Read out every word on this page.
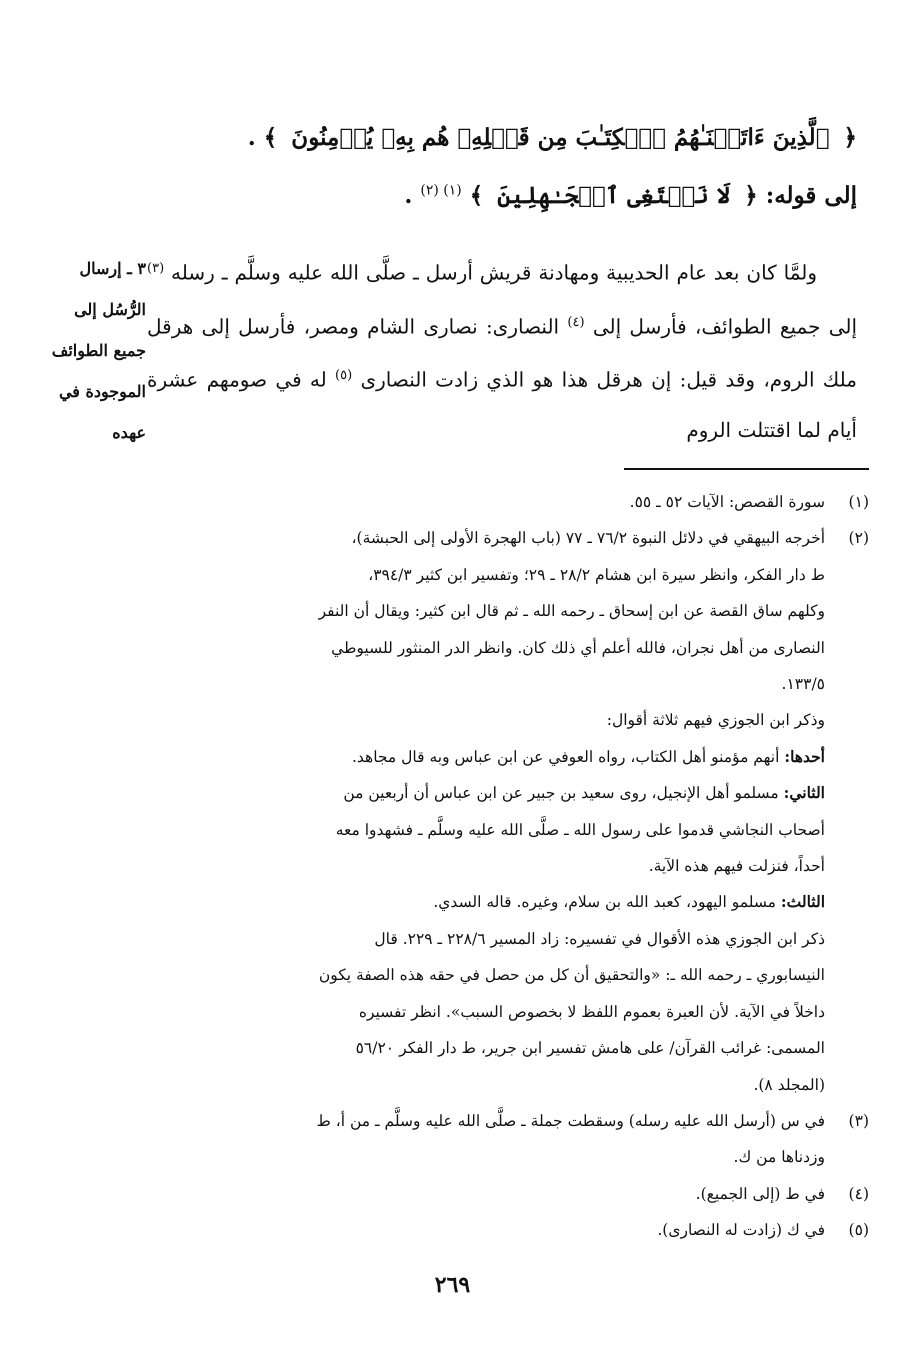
﴿ ٱلَّذِينَ ءَاتَيۡنَـٰهُمُ ٱلۡكِتَـٰبَ مِن قَبۡلِهِۦ هُم بِهِۦ يُؤۡمِنُونَ ﴾ .
إلى قوله: ﴿ لَا نَبۡتَغِى ٱلۡجَـٰهِلِينَ ﴾ $^{(١) (٢)}$ .
٣ ـ إرسال
الرُّسُل إلى
جميع الطوائف
الموجودة في
عهده

ولمَّا كان بعد عام الحديبية ومهادنة قريش أرسل ـ صلَّى الله عليه وسلَّم ـ رسله $^{(٣)}$ إلى جميع الطوائف، فأرسل إلى $^{(٤)}$ النصارى: نصارى الشام ومصر، فأرسل إلى هرقل ملك الروم، وقد قيل: إن هرقل هذا هو الذي زادت النصارى $^{(٥)}$ له في صومهم عشرة أيام لما اقتتلت الروم

(١)
سورة القصص: الآيات ٥٢ ـ ٥٥.
(٢)
أخرجه البيهقي في دلائل النبوة ٧٦/٢ ـ ٧٧ (باب الهجرة الأولى إلى الحبشة)،
ط دار الفكر، وانظر سيرة ابن هشام ٢٨/٢ ـ ٢٩؛ وتفسير ابن كثير ٣٩٤/٣،
وكلهم ساق القصة عن ابن إسحاق ـ رحمه الله ـ ثم قال ابن كثير: ويقال أن النفر
النصارى من أهل نجران، فالله أعلم أي ذلك كان. وانظر الدر المنثور للسيوطي
١٣٣/٥.
وذكر ابن الجوزي فيهم ثلاثة أقوال:
أحدها: أنهم مؤمنو أهل الكتاب، رواه العوفي عن ابن عباس وبه قال مجاهد.
الثاني: مسلمو أهل الإنجيل، روى سعيد بن جبير عن ابن عباس أن أربعين من
أصحاب النجاشي قدموا على رسول الله ـ صلَّى الله عليه وسلَّم ـ فشهدوا معه
أحداً، فنزلت فيهم هذه الآية.
الثالث: مسلمو اليهود، كعبد الله بن سلام، وغيره. قاله السدي.
ذكر ابن الجوزي هذه الأقوال في تفسيره: زاد المسير ٢٢٨/٦ ـ ٢٢٩. قال
النيسابوري ـ رحمه الله ـ: «والتحقيق أن كل من حصل في حقه هذه الصفة يكون
داخلاً في الآية. لأن العبرة بعموم اللفظ لا بخصوص السبب». انظر تفسيره
المسمى: غرائب القرآن/ على هامش تفسير ابن جرير، ط دار الفكر ٥٦/٢٠
(المجلد ٨).
(٣)
في س (أرسل الله عليه رسله) وسقطت جملة ـ صلَّى الله عليه وسلَّم ـ من أ، ط
وزدناها من ك.
(٤)
في ط (إلى الجميع).
(٥)
في ك (زادت له النصارى).
٢٦٩
